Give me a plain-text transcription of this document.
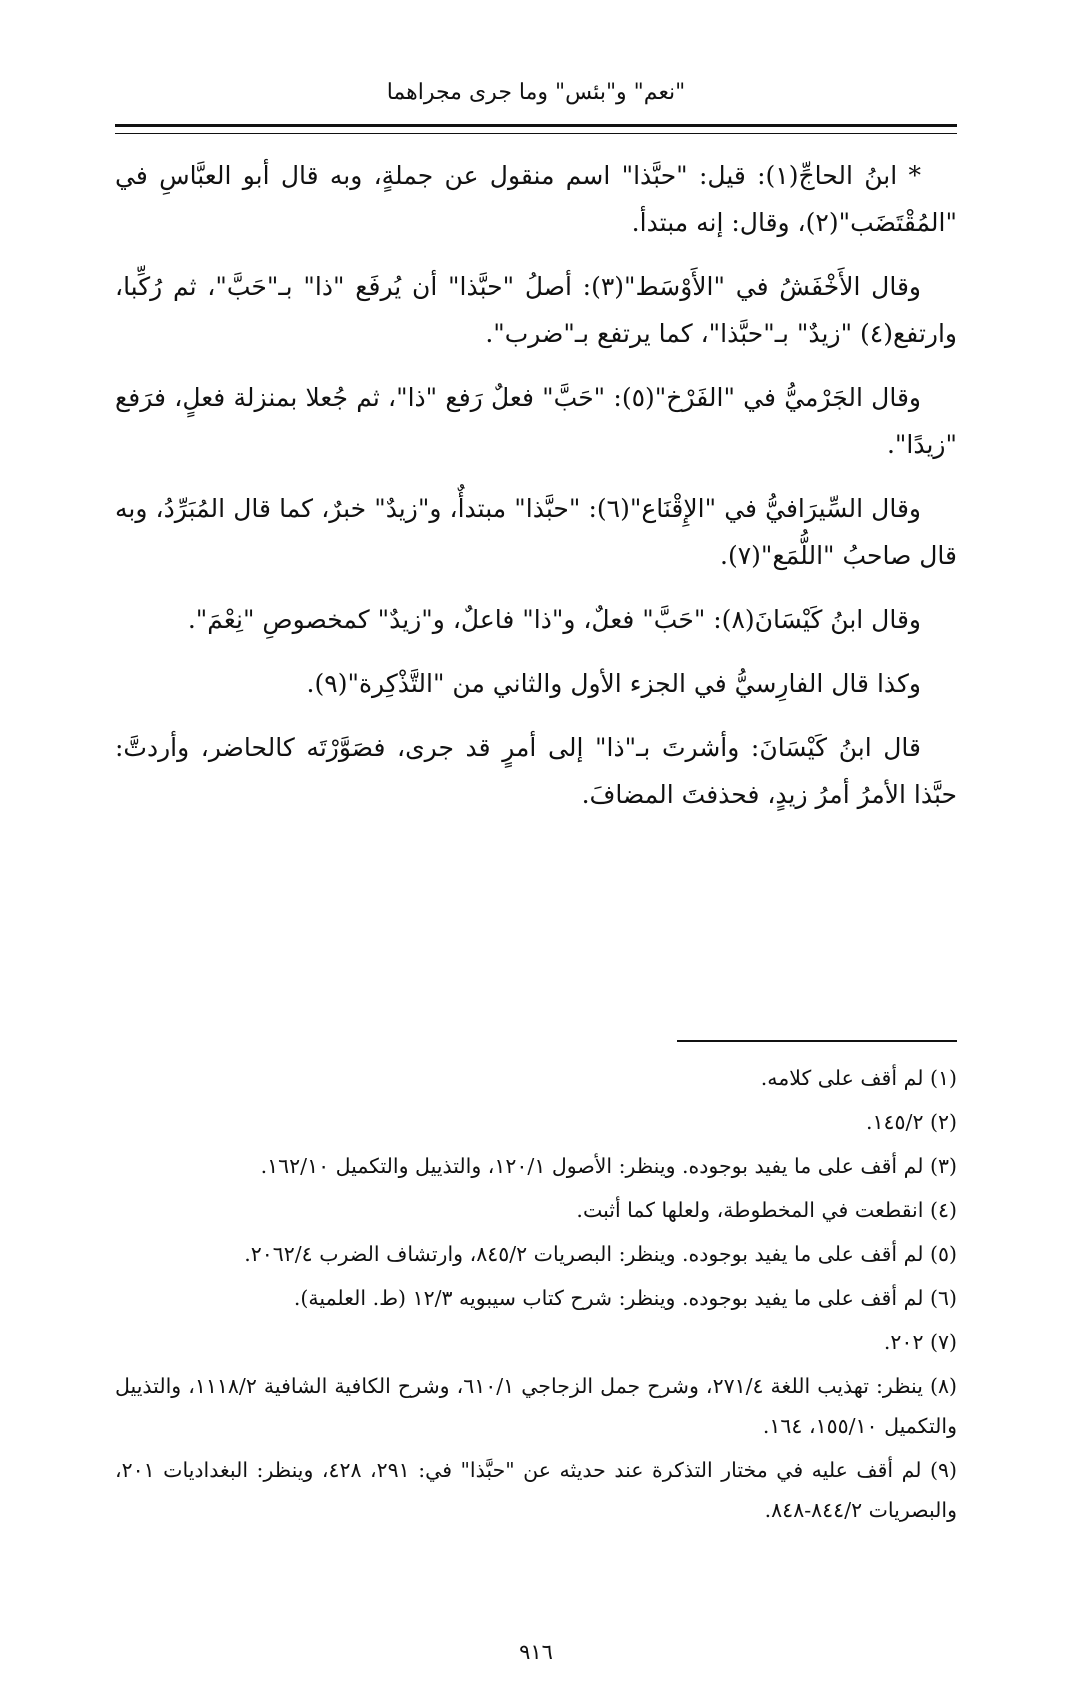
"نعم" و"بئس" وما جرى مجراهما

* ابنُ الحاجِّ(١): قيل: "حبَّذا" اسم منقول عن جملةٍ، وبه قال أبو العبَّاسِ في "المُقْتَضَب"(٢)، وقال: إنه مبتدأ.

وقال الأَخْفَشُ في "الأَوْسَط"(٣): أصلُ "حبَّذا" أن يُرفَع "ذا" بـ"حَبَّ"، ثم رُكِّبا، وارتفع(٤) "زيدٌ" بـ"حبَّذا"، كما يرتفع بـ"ضرب".

وقال الجَرْميُّ في "الفَرْخ"(٥): "حَبَّ" فعلٌ رَفع "ذا"، ثم جُعلا بمنزلة فعلٍ، فرَفع "زيدًا".

وقال السِّيرَافيُّ في "الإِقْنَاع"(٦): "حبَّذا" مبتدأٌ، و"زيدٌ" خبرٌ، كما قال المُبَرِّدُ، وبه قال صاحبُ "اللُّمَع"(٧).

وقال ابنُ كَيْسَانَ(٨): "حَبَّ" فعلٌ، و"ذا" فاعلٌ، و"زيدٌ" كمخصوصِ "نِعْمَ".

وكذا قال الفارِسيُّ في الجزء الأول والثاني من "التَّذْكِرة"(٩).

قال ابنُ كَيْسَانَ: وأشرتَ بـ"ذا" إلى أمرٍ قد جرى، فصَوَّرْتَه كالحاضر، وأردتَّ: حبَّذا الأمرُ أمرُ زيدٍ، فحذفتَ المضافَ.

(١) لم أقف على كلامه.

(٢) ١٤٥/٢.

(٣) لم أقف على ما يفيد بوجوده. وينظر: الأصول ١٢٠/١، والتذييل والتكميل ١٦٢/١٠.

(٤) انقطعت في المخطوطة، ولعلها كما أثبت.

(٥) لم أقف على ما يفيد بوجوده. وينظر: البصريات ٨٤٥/٢، وارتشاف الضرب ٢٠٦٢/٤.

(٦) لم أقف على ما يفيد بوجوده. وينظر: شرح كتاب سيبويه ١٢/٣ (ط. العلمية).

(٧) ٢٠٢.

(٨) ينظر: تهذيب اللغة ٢٧١/٤، وشرح جمل الزجاجي ٦١٠/١، وشرح الكافية الشافية ١١١٨/٢، والتذييل والتكميل ١٥٥/١٠، ١٦٤.

(٩) لم أقف عليه في مختار التذكرة عند حديثه عن "حبَّذا" في: ٢٩١، ٤٢٨، وينظر: البغداديات ٢٠١، والبصريات ٨٤٤/٢-٨٤٨.

٩١٦
